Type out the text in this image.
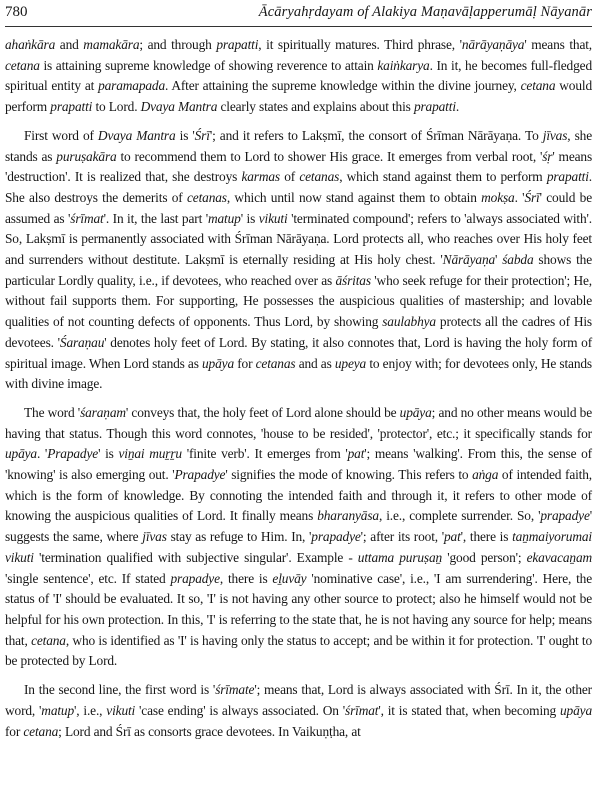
780	Ācāryahṛdayam of Alakiya Maṇavāḷapperumāḷ Nāyanār

ahaṅkāra and mamakāra; and through prapatti, it spiritually matures. Third phrase, 'nārāyaṇāya' means that, cetana is attaining supreme knowledge of showing reverence to attain kaiṅkarya. In it, he becomes full-fledged spiritual entity at paramapada. After attaining the supreme knowledge within the divine journey, cetana would perform prapatti to Lord. Dvaya Mantra clearly states and explains about this prapatti.

First word of Dvaya Mantra is 'Śrī'; and it refers to Lakṣmī, the consort of Śrīman Nārāyaṇa. To jīvas, she stands as puruṣakāra to recommend them to Lord to shower His grace. It emerges from verbal root, 'śṛ' means 'destruction'. It is realized that, she destroys karmas of cetanas, which stand against them to perform prapatti. She also destroys the demerits of cetanas, which until now stand against them to obtain mokṣa. 'Śrī' could be assumed as 'śrīmat'. In it, the last part 'matup' is vikuti 'terminated compound'; refers to 'always associated with'. So, Lakṣmī is permanently associated with Śrīman Nārāyaṇa. Lord protects all, who reaches over His holy feet and surrenders without destitute. Lakṣmī is eternally residing at His holy chest. 'Nārāyaṇa' śabda shows the particular Lordly quality, i.e., if devotees, who reached over as āśritas 'who seek refuge for their protection'; He, without fail supports them. For supporting, He possesses the auspicious qualities of mastership; and lovable qualities of not counting defects of opponents. Thus Lord, by showing saulabhya protects all the cadres of His devotees. 'Śaraṇau' denotes holy feet of Lord. By stating, it also connotes that, Lord is having the holy form of spiritual image. When Lord stands as upāya for cetanas and as upeya to enjoy with; for devotees only, He stands with divine image.

The word 'śaraṇam' conveys that, the holy feet of Lord alone should be upāya; and no other means would be having that status. Though this word connotes, 'house to be resided', 'protector', etc.; it specifically stands for upāya. 'Prapadye' is viṉai muṟṟu 'finite verb'. It emerges from 'pat'; means 'walking'. From this, the sense of 'knowing' is also emerging out. 'Prapadye' signifies the mode of knowing. This refers to aṅga of intended faith, which is the form of knowledge. By connoting the intended faith and through it, it refers to other mode of knowing the auspicious qualities of Lord. It finally means bharanyāsa, i.e., complete surrender. So, 'prapadye' suggests the same, where jīvas stay as refuge to Him. In, 'prapadye'; after its root, 'pat', there is taṉmaiyorumai vikuti 'termination qualified with subjective singular'. Example - uttama puruṣaṉ 'good person'; ekavacaṉam 'single sentence', etc. If stated prapadye, there is eḻuvāy 'nominative case', i.e., 'I am surrendering'. Here, the status of 'I' should be evaluated. It so, 'I' is not having any other source to protect; also he himself would not be helpful for his own protection. In this, 'I' is referring to the state that, he is not having any source for help; means that, cetana, who is identified as 'I' is having only the status to accept; and be within it for protection. 'I' ought to be protected by Lord.

In the second line, the first word is 'śrīmate'; means that, Lord is always associated with Śrī. In it, the other word, 'matup', i.e., vikuti 'case ending' is always associated. On 'śrīmat', it is stated that, when becoming upāya for cetana; Lord and Śrī as consorts grace devotees. In Vaikuṇṭha, at
